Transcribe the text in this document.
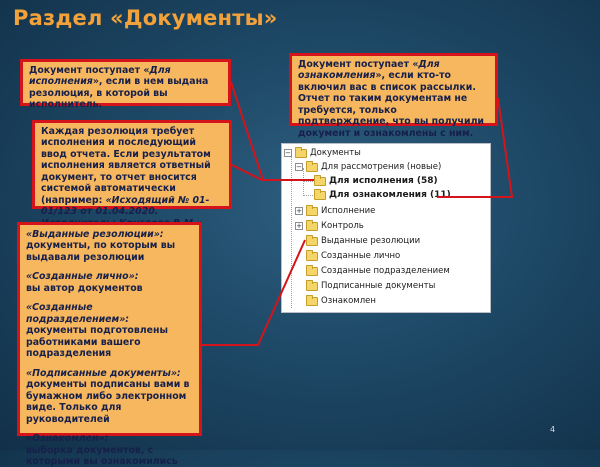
Раздел «Документы»
Документ поступает «Для исполнения», если в нем выдана резолюция, в которой вы исполнитель.
Каждая резолюция требует исполнения и последующий ввод отчета. Если результатом исполнения является ответный документ, то отчет вносится системой автоматически (например: «Исходящий № 01-01/123 от 01.04.2020.
Документ поступает «Для ознакомления», если кто-то включил вас в список рассылки. Отчет по таким документам не требуется, только подтверждение, что вы получили документ и ознакомлены с ним.

«Выданные резолюции»:
документы, по которым вы выдавали резолюции

«Созданные лично»:
вы автор документов

«Созданные подразделением»:
документы подготовлены работниками вашего подразделения

«Подписанные документы»:
документы подписаны вами в бумажном либо электронном виде. Только для руководителей

«Ознакомлен»:
выборка документов, с которыми вы ознакомились

− Документы
− Для рассмотрения (новые)
Для исполнения (58)
Для ознакомления (11)
+ Исполнение
+ Контроль
Выданные резолюции
Созданные лично
Созданные подразделением
Подписанные документы
Ознакомлен
4
